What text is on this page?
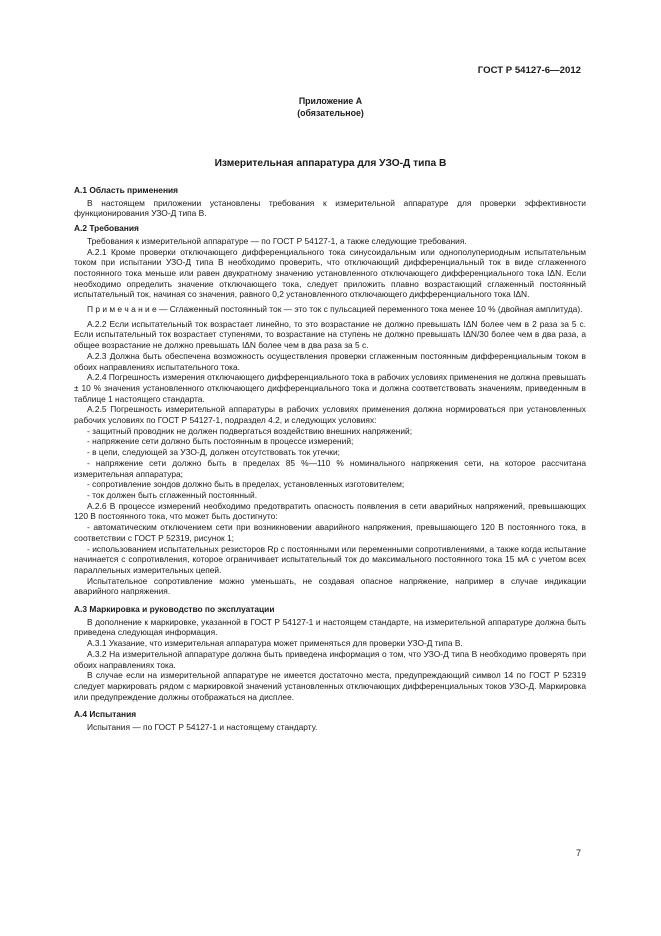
ГОСТ Р 54127-6—2012
Приложение А
(обязательное)
Измерительная аппаратура для УЗО-Д типа В
А.1 Область применения

В настоящем приложении установлены требования к измерительной аппаратуре для проверки эффективности функционирования УЗО-Д типа В.

А.2 Требования

Требования к измерительной аппаратуре — по ГОСТ Р 54127-1, а также следующие требования.

А.2.1 Кроме проверки отключающего дифференциального тока синусоидальным или однополупериодным испытательным током при испытании УЗО-Д типа В необходимо проверить, что отключающий дифференциальный ток в виде сглаженного постоянного тока меньше или равен двукратному значению установленного отключающего дифференциального тока IΔN. Если необходимо определить значение отключающего тока, следует приложить плавно возрастающий сглаженный постоянный испытательный ток, начиная со значения, равного 0,2 установленного отключающего дифференциального тока IΔN.

П р и м е ч а н и е — Сглаженный постоянный ток — это ток с пульсацией переменного тока менее 10 % (двойная амплитуда).

А.2.2 Если испытательный ток возрастает линейно, то это возрастание не должно превышать IΔN более чем в 2 раза за 5 с. Если испытательный ток возрастает ступенями, то возрастание на ступень не должно превышать IΔN/30 более чем в два раза, а общее возрастание не должно превышать IΔN более чем в два раза за 5 с.

А.2.3 Должна быть обеспечена возможность осуществления проверки сглаженным постоянным дифференциальным током в обоих направлениях испытательного тока.

А.2.4 Погрешность измерения отключающего дифференциального тока в рабочих условиях применения не должна превышать ± 10 % значения установленного отключающего дифференциального тока и должна соответствовать значениям, приведенным в таблице 1 настоящего стандарта.

А.2.5 Погрешность измерительной аппаратуры в рабочих условиях применения должна нормироваться при установленных рабочих условиях по ГОСТ Р 54127-1, подраздел 4.2, и следующих условиях:

- защитный проводник не должен подвергаться воздействию внешних напряжений;

- напряжение сети должно быть постоянным в процессе измерений;

- в цепи, следующей за УЗО-Д, должен отсутствовать ток утечки;

- напряжение сети должно быть в пределах 85 %—110 % номинального напряжения сети, на которое рассчитана измерительная аппаратура;

- сопротивление зондов должно быть в пределах, установленных изготовителем;

- ток должен быть сглаженный постоянный.

А.2.6 В процессе измерений необходимо предотвратить опасность появления в сети аварийных напряжений, превышающих 120 В постоянного тока, что может быть достигнуто:

- автоматическим отключением сети при возникновении аварийного напряжения, превышающего 120 В постоянного тока, в соответствии с ГОСТ Р 52319, рисунок 1;

- использованием испытательных резисторов Rp с постоянными или переменными сопротивлениями, а также когда испытание начинается с сопротивления, которое ограничивает испытательный ток до максимального постоянного тока 15 мА с учетом всех параллельных измерительных цепей.

Испытательное сопротивление можно уменьшать, не создавая опасное напряжение, например в случае индикации аварийного напряжения.

А.3 Маркировка и руководство по эксплуатации

В дополнение к маркировке, указанной в ГОСТ Р 54127-1 и настоящем стандарте, на измерительной аппаратуре должна быть приведена следующая информация.

А.3.1 Указание, что измерительная аппаратура может применяться для проверки УЗО-Д типа В.

А.3.2 На измерительной аппаратуре должна быть приведена информация о том, что УЗО-Д типа В необходимо проверять при обоих направлениях тока.

В случае если на измерительной аппаратуре не имеется достаточно места, предупреждающий символ 14 по ГОСТ Р 52319 следует маркировать рядом с маркировкой значений установленных отключающих дифференциальных токов УЗО-Д. Маркировка или предупреждение должны отображаться на дисплее.

А.4 Испытания

Испытания — по ГОСТ Р 54127-1 и настоящему стандарту.

7
